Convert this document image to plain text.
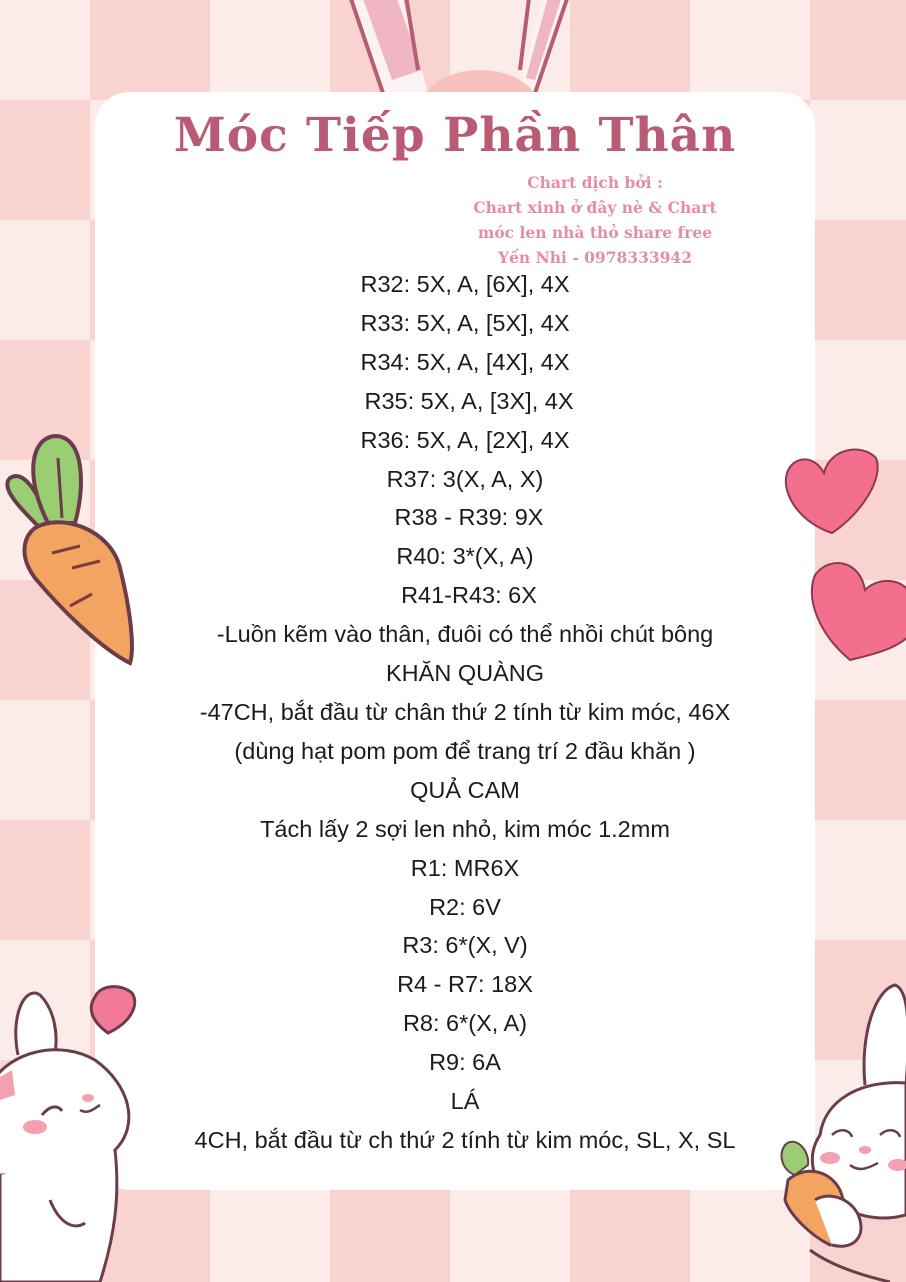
Móc Tiếp Phần Thân
Chart dịch bởi :
Chart xinh ở đây nè & Chart
móc len nhà thỏ share free
Yến Nhi - 0978333942
R32: 5X, A, [6X], 4X
R33: 5X, A, [5X], 4X
R34: 5X, A, [4X], 4X
R35: 5X, A, [3X], 4X
R36: 5X, A, [2X], 4X
R37: 3(X, A, X)
R38 - R39: 9X
R40: 3*(X, A)
R41-R43: 6X
-Luồn kẽm vào thân, đuôi có thể nhồi chút bông
KHĂN QUÀNG
-47CH, bắt đầu từ chân thứ 2 tính từ kim móc, 46X
(dùng hạt pom pom để trang trí 2 đầu khăn )
QUẢ CAM
Tách lấy 2 sợi len nhỏ, kim móc 1.2mm
R1: MR6X
R2: 6V
R3: 6*(X, V)
R4 - R7: 18X
R8: 6*(X, A)
R9: 6A
LÁ
4CH, bắt đầu từ ch thứ 2 tính từ kim móc, SL, X, SL
